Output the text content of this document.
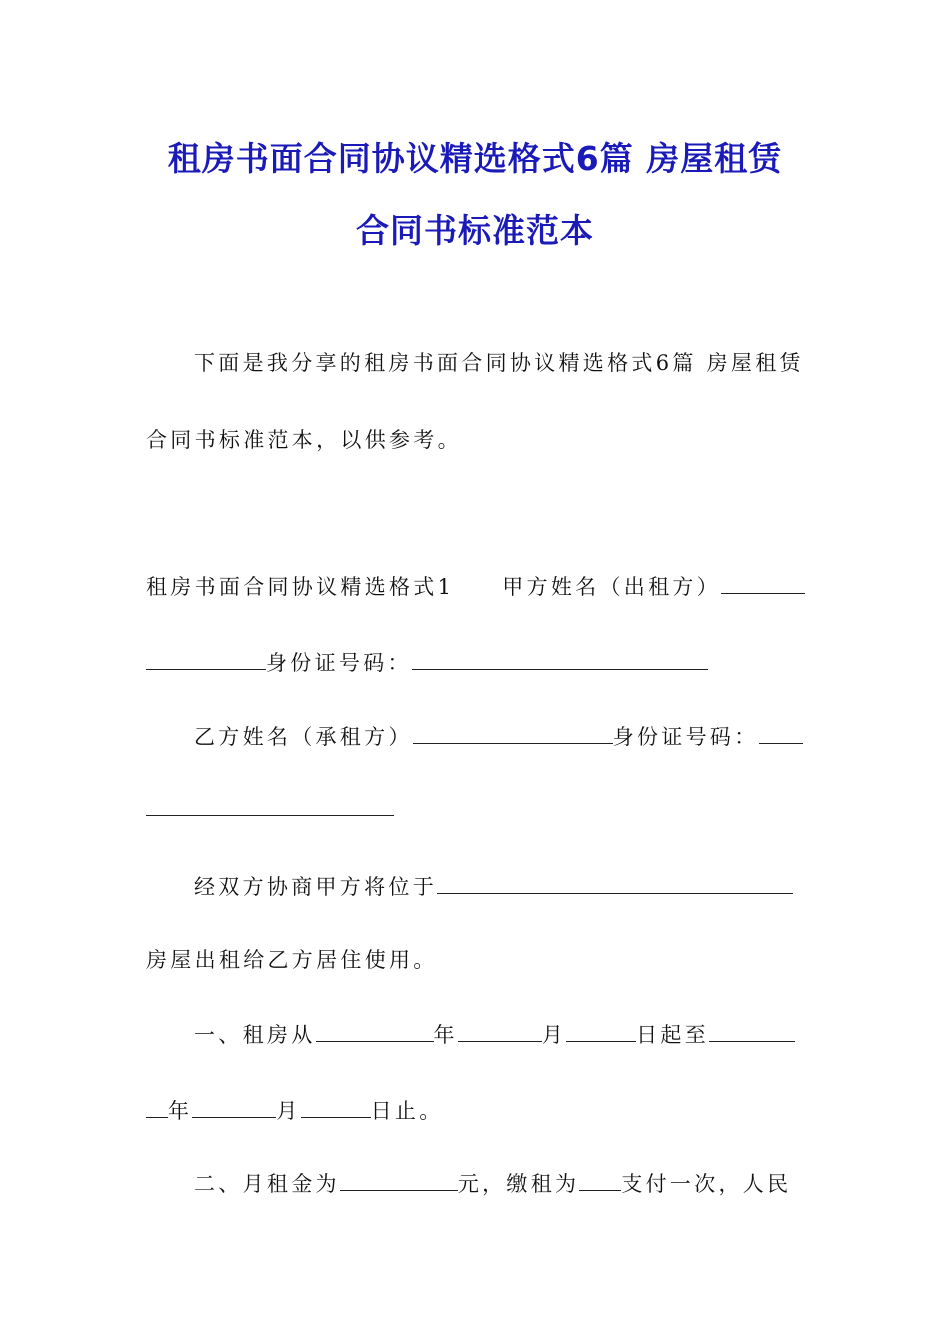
租房书面合同协议精选格式6篇 房屋租赁
合同书标准范本
下面是我分享的租房书面合同协议精选格式6篇 房屋租赁
合同书标准范本，以供参考。
租房书面合同协议精选格式1 甲方姓名（出租方）
身份证号码：
乙方姓名（承租方）	身份证号码：
经双方协商甲方将位于
房屋出租给乙方居住使用。
一、租房从	年	月	日起至
年	月	日止。
二、月租金为	元，缴租为 支付一次，人民
